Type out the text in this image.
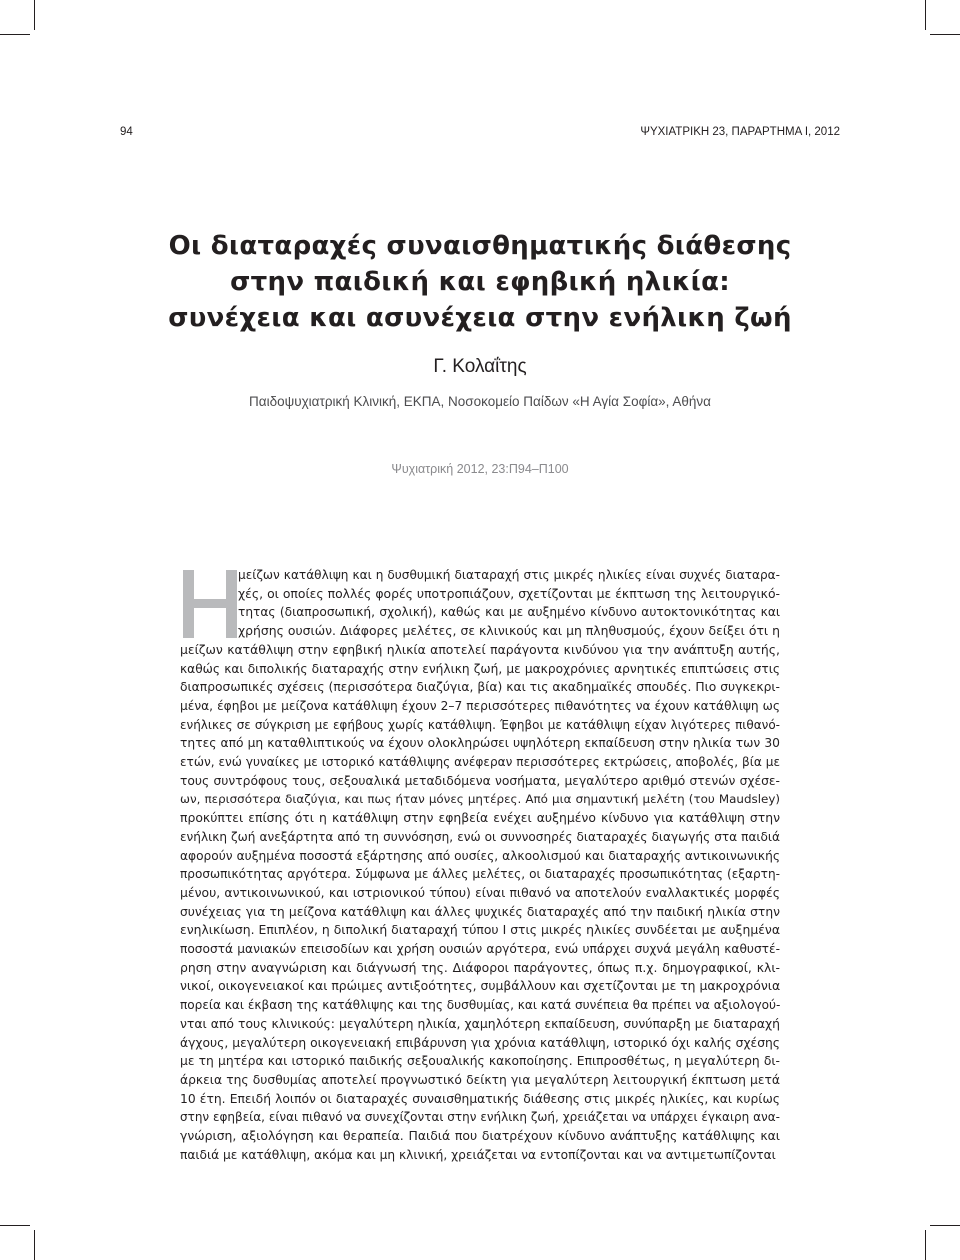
94	ΨΥΧΙΑΤΡΙΚΗ 23, ΠΑΡΑΡΤΗΜΑ Ι, 2012
Οι διαταραχές συναισθηματικής διάθεσης
στην παιδική και εφηβική ηλικία:
συνέχεια και ασυνέχεια στην ενήλικη ζωή
Γ. Κολαΐτης
Παιδοψυχιατρική Κλινική, ΕΚΠΑ, Νοσοκομείο Παίδων «Η Αγία Σοφία», Αθήνα
Ψυχιατρική 2012, 23:Π94–Π100
μείζων κατάθλιψη και η δυσθυμική διαταραχή στις μικρές ηλικίες είναι συχνές διαταρα-
χές, οι οποίες πολλές φορές υποτροπιάζουν, σχετίζονται με έκπτωση της λειτουργικό-
τητας (διαπροσωπική, σχολική), καθώς και με αυξημένο κίνδυνο αυτοκτονικότητας και
χρήσης ουσιών. Διάφορες μελέτες, σε κλινικούς και μη πληθυσμούς, έχουν δείξει ότι η
μείζων κατάθλιψη στην εφηβική ηλικία αποτελεί παράγοντα κινδύνου για την ανάπτυξη αυτής,
καθώς και διπολικής διαταραχής στην ενήλικη ζωή, με μακροχρόνιες αρνητικές επιπτώσεις στις
διαπροσωπικές σχέσεις (περισσότερα διαζύγια, βία) και τις ακαδημαϊκές σπουδές. Πιο συγκεκρι-
μένα, έφηβοι με μείζονα κατάθλιψη έχουν 2–7 περισσότερες πιθανότητες να έχουν κατάθλιψη ως
ενήλικες σε σύγκριση με εφήβους χωρίς κατάθλιψη. Έφηβοι με κατάθλιψη είχαν λιγότερες πιθανό-
τητες από μη καταθλιπτικούς να έχουν ολοκληρώσει υψηλότερη εκπαίδευση στην ηλικία των 30
ετών, ενώ γυναίκες με ιστορικό κατάθλιψης ανέφεραν περισσότερες εκτρώσεις, αποβολές, βία με
τους συντρόφους τους, σεξουαλικά μεταδιδόμενα νοσήματα, μεγαλύτερο αριθμό στενών σχέσε-
ων, περισσότερα διαζύγια, και πως ήταν μόνες μητέρες. Από μια σημαντική μελέτη (του Maudsley)
προκύπτει επίσης ότι η κατάθλιψη στην εφηβεία ενέχει αυξημένο κίνδυνο για κατάθλιψη στην
ενήλικη ζωή ανεξάρτητα από τη συννόσηση, ενώ οι συννοσηρές διαταραχές διαγωγής στα παιδιά
αφορούν αυξημένα ποσοστά εξάρτησης από ουσίες, αλκοολισμού και διαταραχής αντικοινωνικής
προσωπικότητας αργότερα. Σύμφωνα με άλλες μελέτες, οι διαταραχές προσωπικότητας (εξαρτη-
μένου, αντικοινωνικού, και ιστριονικού τύπου) είναι πιθανό να αποτελούν εναλλακτικές μορφές
συνέχειας για τη μείζονα κατάθλιψη και άλλες ψυχικές διαταραχές από την παιδική ηλικία στην
ενηλικίωση. Επιπλέον, η διπολική διαταραχή τύπου Ι στις μικρές ηλικίες συνδέεται με αυξημένα
ποσοστά μανιακών επεισοδίων και χρήση ουσιών αργότερα, ενώ υπάρχει συχνά μεγάλη καθυστέ-
ρηση στην αναγνώριση και διάγνωσή της. Διάφοροι παράγοντες, όπως π.χ. δημογραφικοί, κλι-
νικοί, οικογενειακοί και πρώιμες αντιξοότητες, συμβάλλουν και σχετίζονται με τη μακροχρόνια
πορεία και έκβαση της κατάθλιψης και της δυσθυμίας, και κατά συνέπεια θα πρέπει να αξιολογού-
νται από τους κλινικούς: μεγαλύτερη ηλικία, χαμηλότερη εκπαίδευση, συνύπαρξη με διαταραχή
άγχους, μεγαλύτερη οικογενειακή επιβάρυνση για χρόνια κατάθλιψη, ιστορικό όχι καλής σχέσης
με τη μητέρα και ιστορικό παιδικής σεξουαλικής κακοποίησης. Επιπροσθέτως, η μεγαλύτερη δι-
άρκεια της δυσθυμίας αποτελεί προγνωστικό δείκτη για μεγαλύτερη λειτουργική έκπτωση μετά
10 έτη. Επειδή λοιπόν οι διαταραχές συναισθηματικής διάθεσης στις μικρές ηλικίες, και κυρίως
στην εφηβεία, είναι πιθανό να συνεχίζονται στην ενήλικη ζωή, χρειάζεται να υπάρχει έγκαιρη ανα-
γνώριση, αξιολόγηση και θεραπεία. Παιδιά που διατρέχουν κίνδυνο ανάπτυξης κατάθλιψης και
παιδιά με κατάθλιψη, ακόμα και μη κλινική, χρειάζεται να εντοπίζονται και να αντιμετωπίζονται
